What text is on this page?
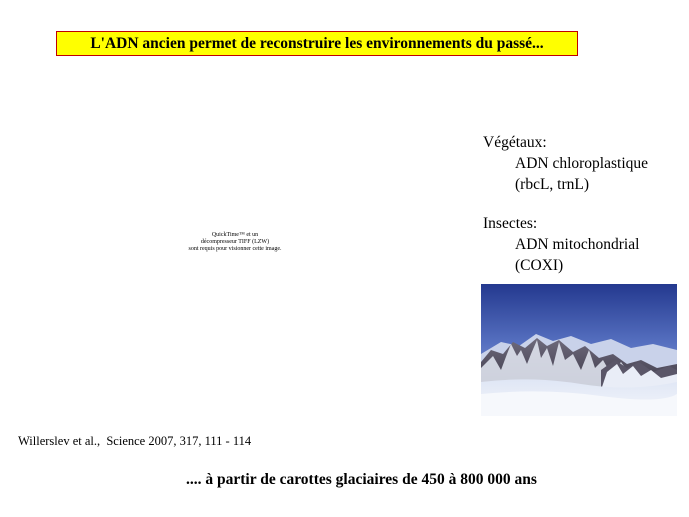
L'ADN ancien permet de reconstruire les environnements du passé...
QuickTime™ et un
décompresseur TIFF (LZW)
sont requis pour visionner cette image.
Végétaux:
ADN chloroplastique
(rbcL, trnL)
Insectes:
ADN mitochondrial
(COXI)
Willerslev et al.,  Science 2007, 317, 111 - 114
.... à partir de carottes glaciaires de 450 à 800 000 ans
